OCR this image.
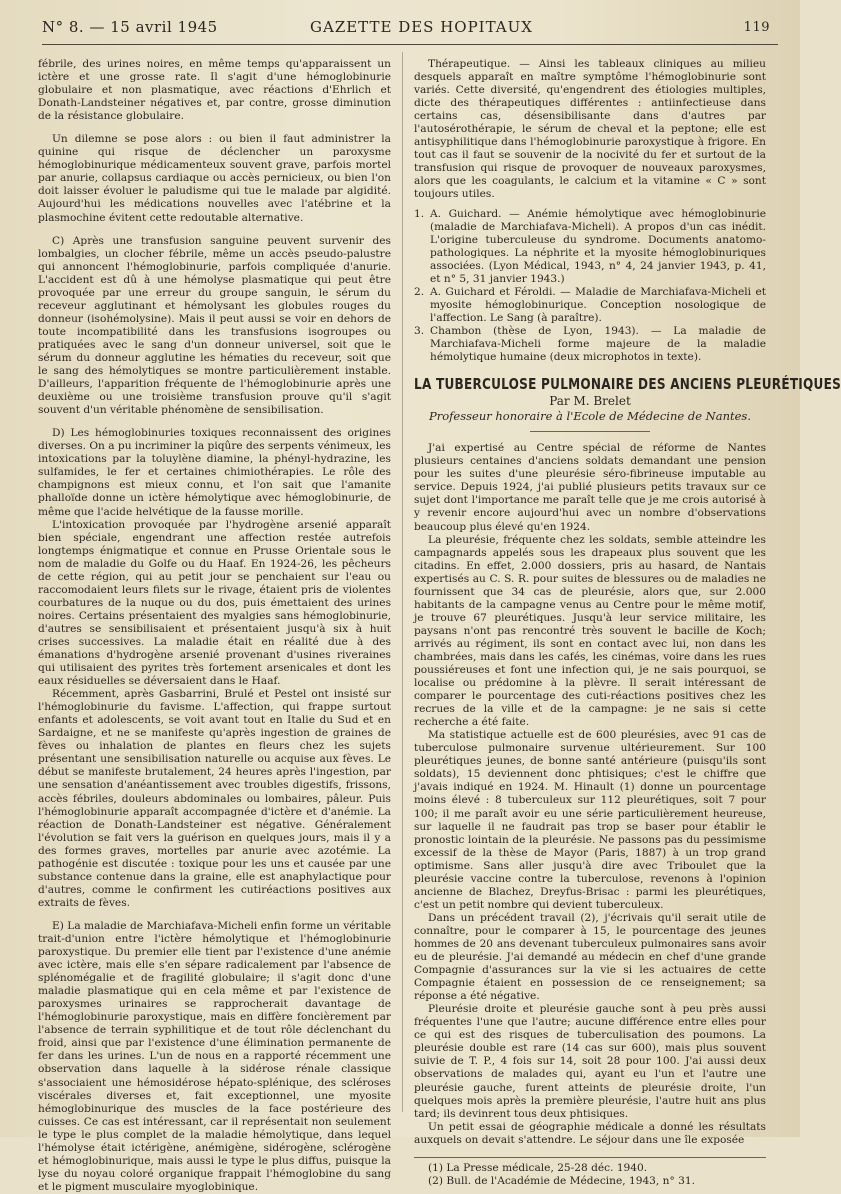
N° 8. — 15 avril 1945	GAZETTE DES HOPITAUX	119

fébrile, des urines noires, en même temps qu'apparaissent un ictère et une grosse rate. Il s'agit d'une hémoglobinurie globulaire et non plasmatique, avec réactions d'Ehrlich et Donath-Landsteiner négatives et, par contre, grosse diminution de la résistance globulaire.

Un dilemne se pose alors : ou bien il faut administrer la quinine qui risque de déclencher un paroxysme hémoglobinurique médicamenteux souvent grave, parfois mortel par anurie, collapsus cardiaque ou accès pernicieux, ou bien l'on doit laisser évoluer le paludisme qui tue le malade par algidité. Aujourd'hui les médications nouvelles avec l'atébrine et la plasmochine évitent cette redoutable alternative.

C) Après une transfusion sanguine peuvent survenir des lombalgies, un clocher fébrile, même un accès pseudo-palustre qui annoncent l'hémoglobinurie, parfois compliquée d'anurie. L'accident est dû à une hémolyse plasmatique qui peut être provoquée par une erreur du groupe sanguin, le sérum du receveur agglutinant et hémolysant les globules rouges du donneur (isohémolysine). Mais il peut aussi se voir en dehors de toute incompatibilité dans les transfusions isogroupes ou pratiquées avec le sang d'un donneur universel, soit que le sérum du donneur agglutine les hématies du receveur, soit que le sang des hémolytiques se montre particulièrement instable. D'ailleurs, l'apparition fréquente de l'hémoglobinurie après une deuxième ou une troisième transfusion prouve qu'il s'agit souvent d'un véritable phénomène de sensibilisation.

D) Les hémoglobinuries toxiques reconnaissent des origines diverses. On a pu incriminer la piqûre des serpents vénimeux, les intoxications par la toluylène diamine, la phényl-hydrazine, les sulfamides, le fer et certaines chimiothérapies. Le rôle des champignons est mieux connu, et l'on sait que l'amanite phalloïde donne un ictère hémolytique avec hémoglobinurie, de même que l'acide helvétique de la fausse morille.

L'intoxication provoquée par l'hydrogène arsenié apparaît bien spéciale, engendrant une affection restée autrefois longtemps énigmatique et connue en Prusse Orientale sous le nom de maladie du Golfe ou du Haaf. En 1924-26, les pêcheurs de cette région, qui au petit jour se penchaient sur l'eau ou raccomodaient leurs filets sur le rivage, étaient pris de violentes courbatures de la nuque ou du dos, puis émettaient des urines noires. Certains présentaient des myalgies sans hémoglobinurie, d'autres se sensibilisaient et présentaient jusqu'à six à huit crises successives. La maladie était en réalité due à des émanations d'hydrogène arsenié provenant d'usines riveraines qui utilisaient des pyrites très fortement arsenicales et dont les eaux résiduelles se déversaient dans le Haaf.

Récemment, après Gasbarrini, Brulé et Pestel ont insisté sur l'hémoglobinurie du favisme. L'affection, qui frappe surtout enfants et adolescents, se voit avant tout en Italie du Sud et en Sardaigne, et ne se manifeste qu'après ingestion de graines de fèves ou inhalation de plantes en fleurs chez les sujets présentant une sensibilisation naturelle ou acquise aux fèves. Le début se manifeste brutalement, 24 heures après l'ingestion, par une sensation d'anéantissement avec troubles digestifs, frissons, accès fébriles, douleurs abdominales ou lombaires, pâleur. Puis l'hémoglobinurie apparaît accompagnée d'ictère et d'anémie. La réaction de Donath-Landsteiner est négative. Généralement l'évolution se fait vers la guérison en quelques jours, mais il y a des formes graves, mortelles par anurie avec azotémie. La pathogénie est discutée : toxique pour les uns et causée par une substance contenue dans la graine, elle est anaphylactique pour d'autres, comme le confirment les cutiréactions positives aux extraits de fèves.

E) La maladie de Marchiafava-Micheli enfin forme un véritable trait-d'union entre l'ictère hémolytique et l'hémoglobinurie paroxystique. Du premier elle tient par l'existence d'une anémie avec ictère, mais elle s'en sépare radicalement par l'absence de splénomégalie et de fragilité globulaire; il s'agit donc d'une maladie plasmatique qui en cela même et par l'existence de paroxysmes urinaires se rapprocherait davantage de l'hémoglobinurie paroxystique, mais en diffère foncièrement par l'absence de terrain syphilitique et de tout rôle déclenchant du froid, ainsi que par l'existence d'une élimination permanente de fer dans les urines. L'un de nous en a rapporté récemment une observation dans laquelle à la sidérose rénale classique s'associaient une hémosidérose hépato-splénique, des scléroses viscérales diverses et, fait exceptionnel, une myosite hémoglobinurique des muscles de la face postérieure des cuisses. Ce cas est intéressant, car il représentait non seulement le type le plus complet de la maladie hémolytique, dans lequel l'hémolyse était ictérigène, anémigène, sidérogène, sclérogène et hémoglobinurique, mais aussi le type le plus diffus, puisque la lyse du noyau coloré organique frappait l'hémoglobine du sang et le pigment musculaire myoglobinique.

Thérapeutique. — Ainsi les tableaux cliniques au milieu desquels apparaît en maître symptôme l'hémoglobinurie sont variés. Cette diversité, qu'engendrent des étiologies multiples, dicte des thérapeutiques différentes : antiinfectieuse dans certains cas, désensibilisante dans d'autres par l'autosérothérapie, le sérum de cheval et la peptone; elle est antisyphilitique dans l'hémoglobinurie paroxystique à frigore. En tout cas il faut se souvenir de la nocivité du fer et surtout de la transfusion qui risque de provoquer de nouveaux paroxysmes, alors que les coagulants, le calcium et la vitamine « C » sont toujours utiles.

1. A. Guichard. — Anémie hémolytique avec hémoglobinurie (maladie de Marchiafava-Micheli). A propos d'un cas inédit. L'origine tuberculeuse du syndrome. Documents anatomo-pathologiques. La néphrite et la myosite hémoglobinuriques associées. (Lyon Médical, 1943, n° 4, 24 janvier 1943, p. 41, et n° 5, 31 janvier 1943.)

2. A. Guichard et Féroldi. — Maladie de Marchiafava-Micheli et myosite hémoglobinurique. Conception nosologique de l'affection. Le Sang (à paraître).

3. Chambon (thèse de Lyon, 1943). — La maladie de Marchiafava-Micheli forme majeure de la maladie hémolytique humaine (deux microphotos in texte).

LA TUBERCULOSE PULMONAIRE DES ANCIENS PLEURÉTIQUES
Par M. Brelet
Professeur honoraire à l'Ecole de Médecine de Nantes.

J'ai expertisé au Centre spécial de réforme de Nantes plusieurs centaines d'anciens soldats demandant une pension pour les suites d'une pleurésie séro-fibrineuse imputable au service. Depuis 1924, j'ai publié plusieurs petits travaux sur ce sujet dont l'importance me paraît telle que je me crois autorisé à y revenir encore aujourd'hui avec un nombre d'observations beaucoup plus élevé qu'en 1924.

La pleurésie, fréquente chez les soldats, semble atteindre les campagnards appelés sous les drapeaux plus souvent que les citadins. En effet, 2.000 dossiers, pris au hasard, de Nantais expertisés au C. S. R. pour suites de blessures ou de maladies ne fournissent que 34 cas de pleurésie, alors que, sur 2.000 habitants de la campagne venus au Centre pour le même motif, je trouve 67 pleurétiques. Jusqu'à leur service militaire, les paysans n'ont pas rencontré très souvent le bacille de Koch; arrivés au régiment, ils sont en contact avec lui, non dans les chambrées, mais dans les cafés, les cinémas, voire dans les rues poussiéreuses et font une infection qui, je ne sais pourquoi, se localise ou prédomine à la plèvre. Il serait intéressant de comparer le pourcentage des cuti-réactions positives chez les recrues de la ville et de la campagne: je ne sais si cette recherche a été faite.

Ma statistique actuelle est de 600 pleurésies, avec 91 cas de tuberculose pulmonaire survenue ultérieurement. Sur 100 pleurétiques jeunes, de bonne santé antérieure (puisqu'ils sont soldats), 15 deviennent donc phtisiques; c'est le chiffre que j'avais indiqué en 1924. M. Hinault (1) donne un pourcentage moins élevé : 8 tuberculeux sur 112 pleurétiques, soit 7 pour 100; il me paraît avoir eu une série particulièrement heureuse, sur laquelle il ne faudrait pas trop se baser pour établir le pronostic lointain de la pleurésie. Ne passons pas du pessimisme excessif de la thèse de Mayor (Paris, 1887) à un trop grand optimisme. Sans aller jusqu'à dire avec Triboulet que la pleurésie vaccine contre la tuberculose, revenons à l'opinion ancienne de Blachez, Dreyfus-Brisac : parmi les pleurétiques, c'est un petit nombre qui devient tuberculeux.

Dans un précédent travail (2), j'écrivais qu'il serait utile de connaître, pour le comparer à 15, le pourcentage des jeunes hommes de 20 ans devenant tuberculeux pulmonaires sans avoir eu de pleurésie. J'ai demandé au médecin en chef d'une grande Compagnie d'assurances sur la vie si les actuaires de cette Compagnie étaient en possession de ce renseignement; sa réponse a été négative.

Pleurésie droite et pleurésie gauche sont à peu près aussi fréquentes l'une que l'autre; aucune différence entre elles pour ce qui est des risques de tuberculisation des poumons. La pleurésie double est rare (14 cas sur 600), mais plus souvent suivie de T. P., 4 fois sur 14, soit 28 pour 100. J'ai aussi deux observations de malades qui, ayant eu l'un et l'autre une pleurésie gauche, furent atteints de pleurésie droite, l'un quelques mois après la première pleurésie, l'autre huit ans plus tard; ils devinrent tous deux phtisiques.

Un petit essai de géographie médicale a donné les résultats auxquels on devait s'attendre. Le séjour dans une île exposée

(1) La Presse médicale, 25-28 déc. 1940.

(2) Bull. de l'Académie de Médecine, 1943, n° 31.
